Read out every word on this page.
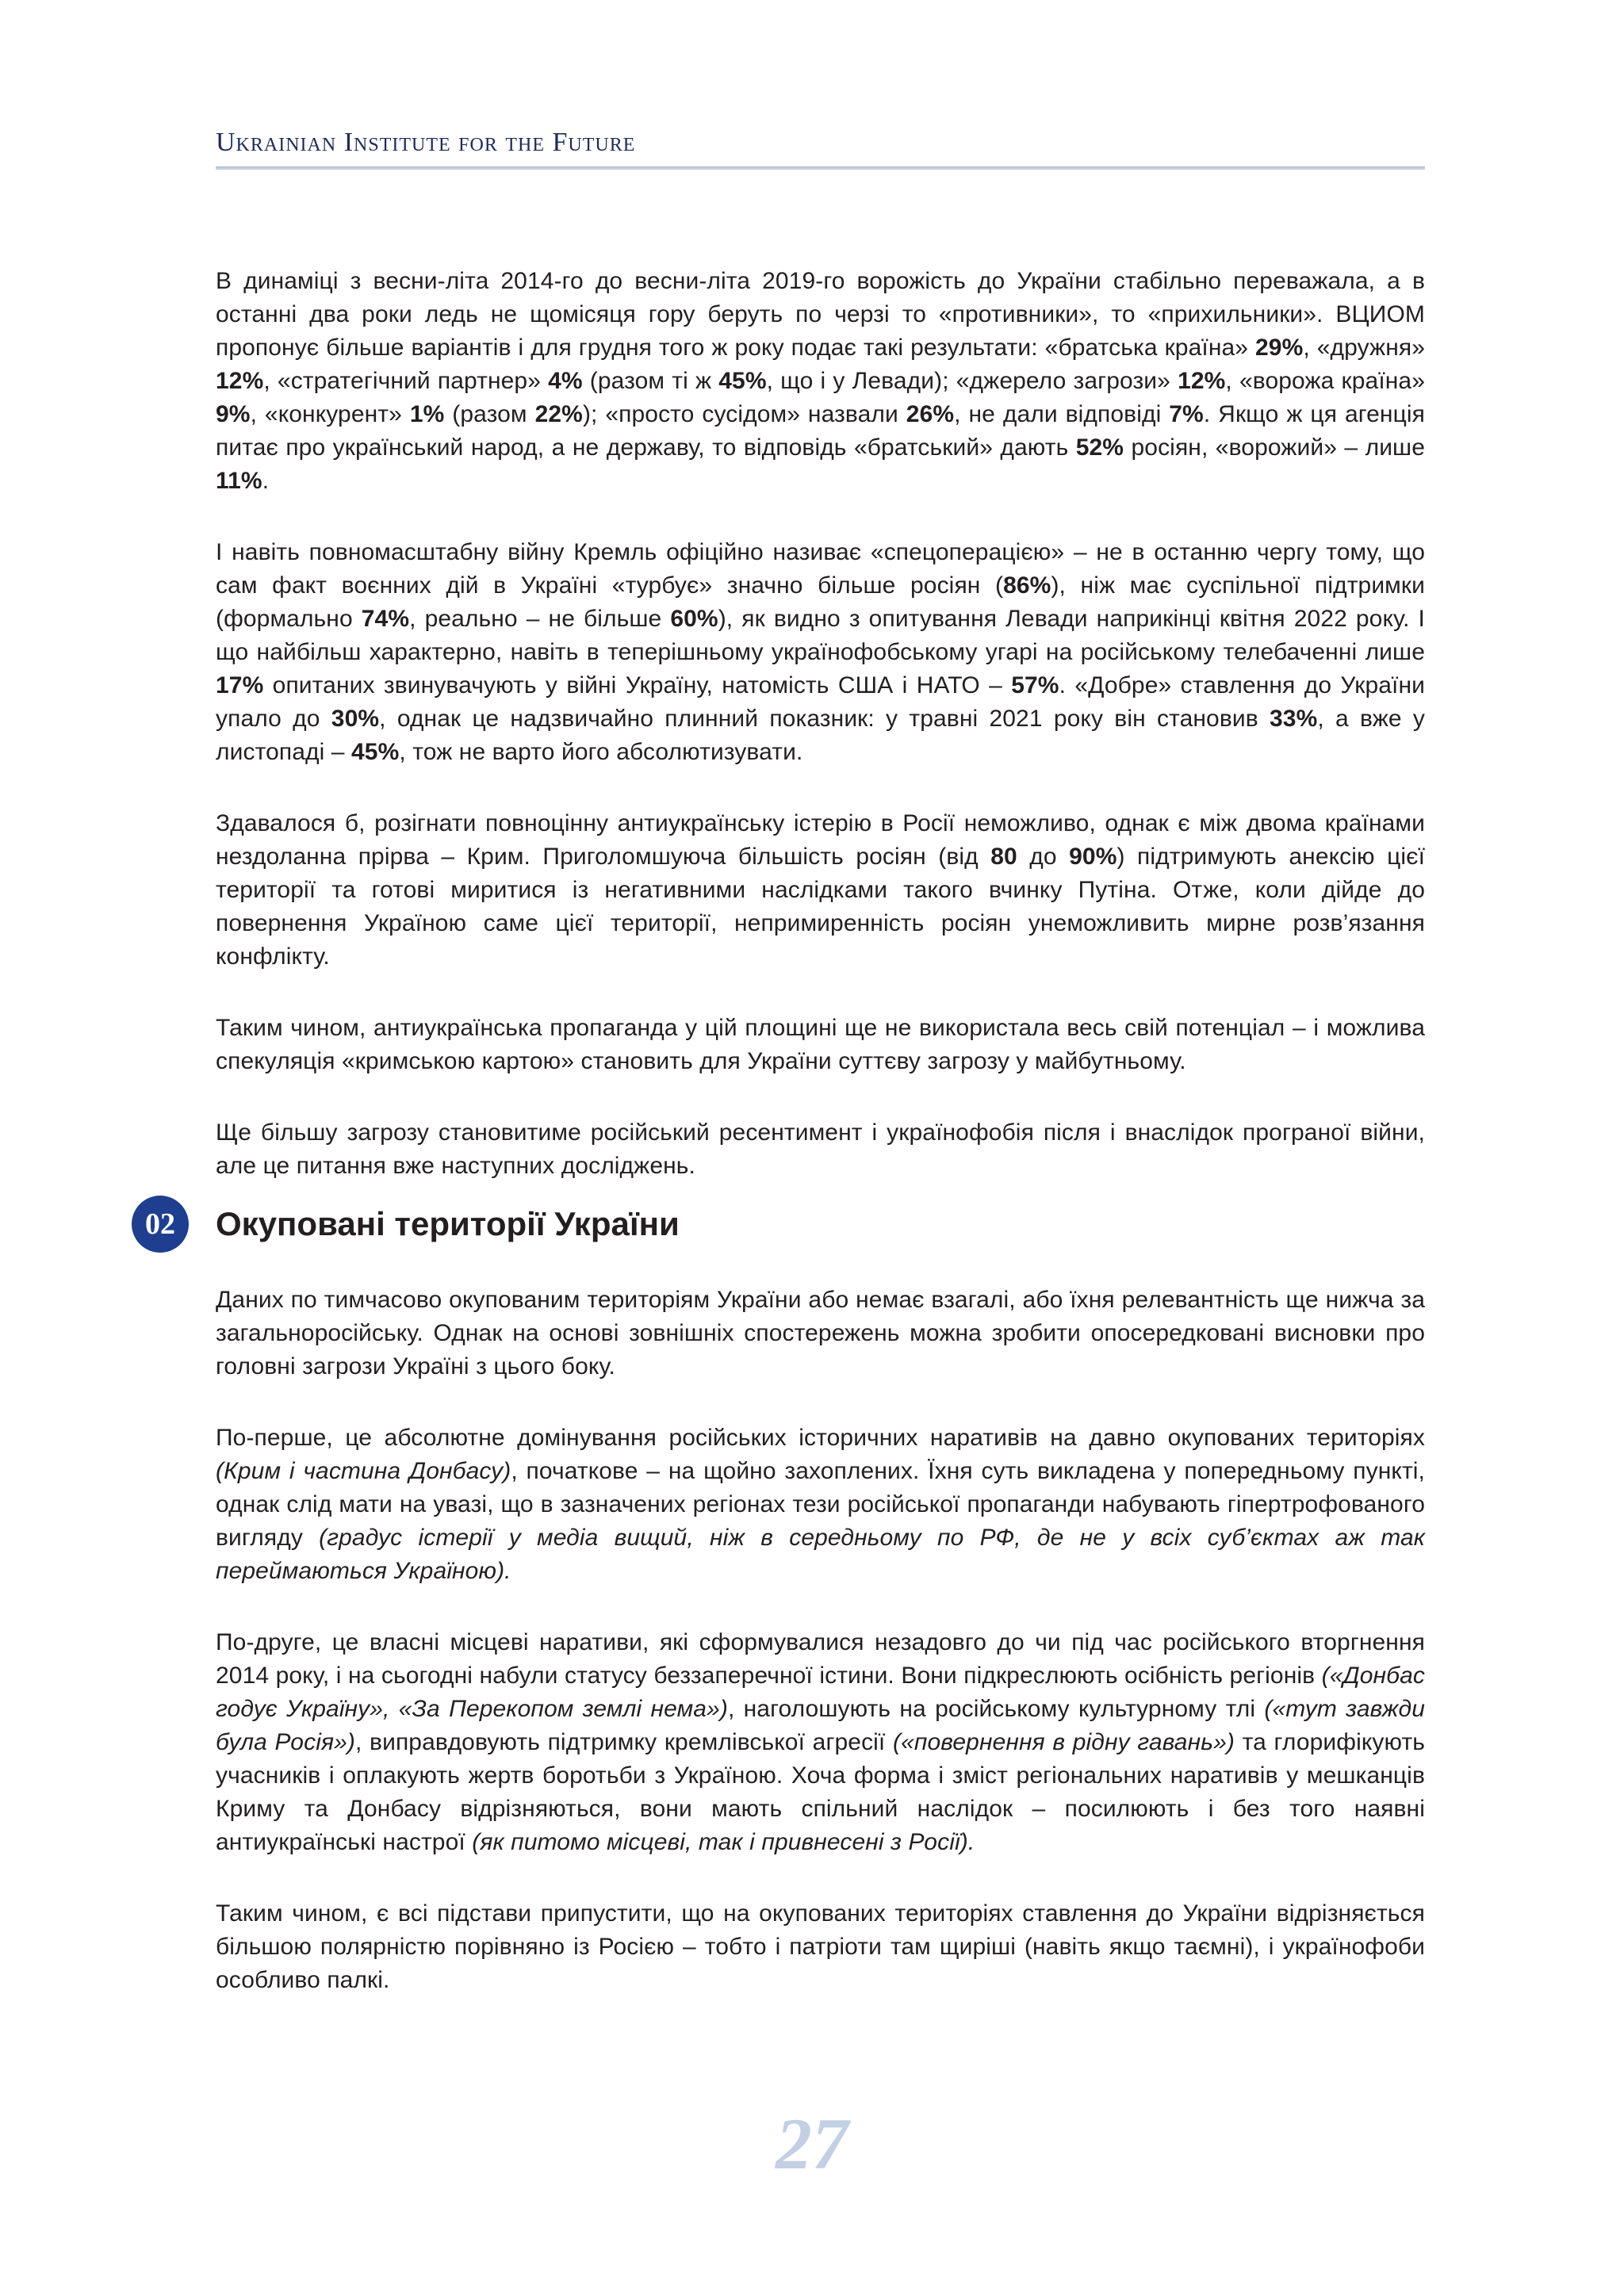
Ukrainian Institute for the Future

В динаміці з весни-літа 2014-го до весни-літа 2019-го ворожість до України стабільно переважала, а в останні два роки ледь не щомісяця гору беруть по черзі то «противники», то «прихильники». ВЦИОМ пропонує більше варіантів і для грудня того ж року подає такі результати: «братська країна» 29%, «дружня» 12%, «стратегічний партнер» 4% (разом ті ж 45%, що і у Левади); «джерело загрози» 12%, «ворожа країна» 9%, «конкурент» 1% (разом 22%); «просто сусідом» назвали 26%, не дали відповіді 7%. Якщо ж ця агенція питає про український народ, а не державу, то відповідь «братський» дають 52% росіян, «ворожий» – лише 11%.

І навіть повномасштабну війну Кремль офіційно називає «спецоперацією» – не в останню чергу тому, що сам факт воєнних дій в Україні «турбує» значно більше росіян (86%), ніж має суспільної підтримки (формально 74%, реально – не більше 60%), як видно з опитування Левади наприкінці квітня 2022 року. І що найбільш характерно, навіть в теперішньому українофобському угарі на російському телебаченні лише 17% опитаних звинувачують у війні Україну, натомість США і НАТО – 57%. «Добре» ставлення до України упало до 30%, однак це надзвичайно плинний показник: у травні 2021 року він становив 33%, а вже у листопаді – 45%, тож не варто його абсолютизувати.

Здавалося б, розігнати повноцінну антиукраїнську істерію в Росії неможливо, однак є між двома країнами нездоланна прірва – Крим. Приголомшуюча більшість росіян (від 80 до 90%) підтримують анексію цієї території та готові миритися із негативними наслідками такого вчинку Путіна. Отже, коли дійде до повернення Україною саме цієї території, непримиренність росіян унеможливить мирне розв’язання конфлікту.

Таким чином, антиукраїнська пропаганда у цій площині ще не використала весь свій потенціал – і можлива спекуляція «кримською картою» становить для України суттєву загрозу у майбутньому.

Ще більшу загрозу становитиме російський ресентимент і українофобія після і внаслідок програної війни, але це питання вже наступних досліджень.

02	Окуповані території України

Даних по тимчасово окупованим територіям України або немає взагалі, або їхня релевантність ще нижча за загальноросійську. Однак на основі зовнішніх спостережень можна зробити опосередковані висновки про головні загрози Україні з цього боку.

По-перше, це абсолютне домінування російських історичних наративів на давно окупованих територіях (Крим і частина Донбасу), початкове – на щойно захоплених. Їхня суть викладена у попередньому пункті, однак слід мати на увазі, що в зазначених регіонах тези російської пропаганди набувають гіпертрофованого вигляду (градус істерії у медіа вищий, ніж в середньому по РФ, де не у всіх суб’єктах аж так переймаються Україною).

По-друге, це власні місцеві наративи, які сформувалися незадовго до чи під час російського вторгнення 2014 року, і на сьогодні набули статусу беззаперечної істини. Вони підкреслюють осібність регіонів («Донбас годує Україну», «За Перекопом землі нема»), наголошують на російському культурному тлі («тут завжди була Росія»), виправдовують підтримку кремлівської агресії («повернення в рідну гавань») та глорифікують учасників і оплакують жертв боротьби з Україною. Хоча форма і зміст регіональних наративів у мешканців Криму та Донбасу відрізняються, вони мають спільний наслідок – посилюють і без того наявні антиукраїнські настрої (як питомо місцеві, так і привнесені з Росії).

Таким чином, є всі підстави припустити, що на окупованих територіях ставлення до України відрізняється більшою полярністю порівняно із Росією – тобто і патріоти там щиріші (навіть якщо таємні), і українофоби особливо палкі.

27
